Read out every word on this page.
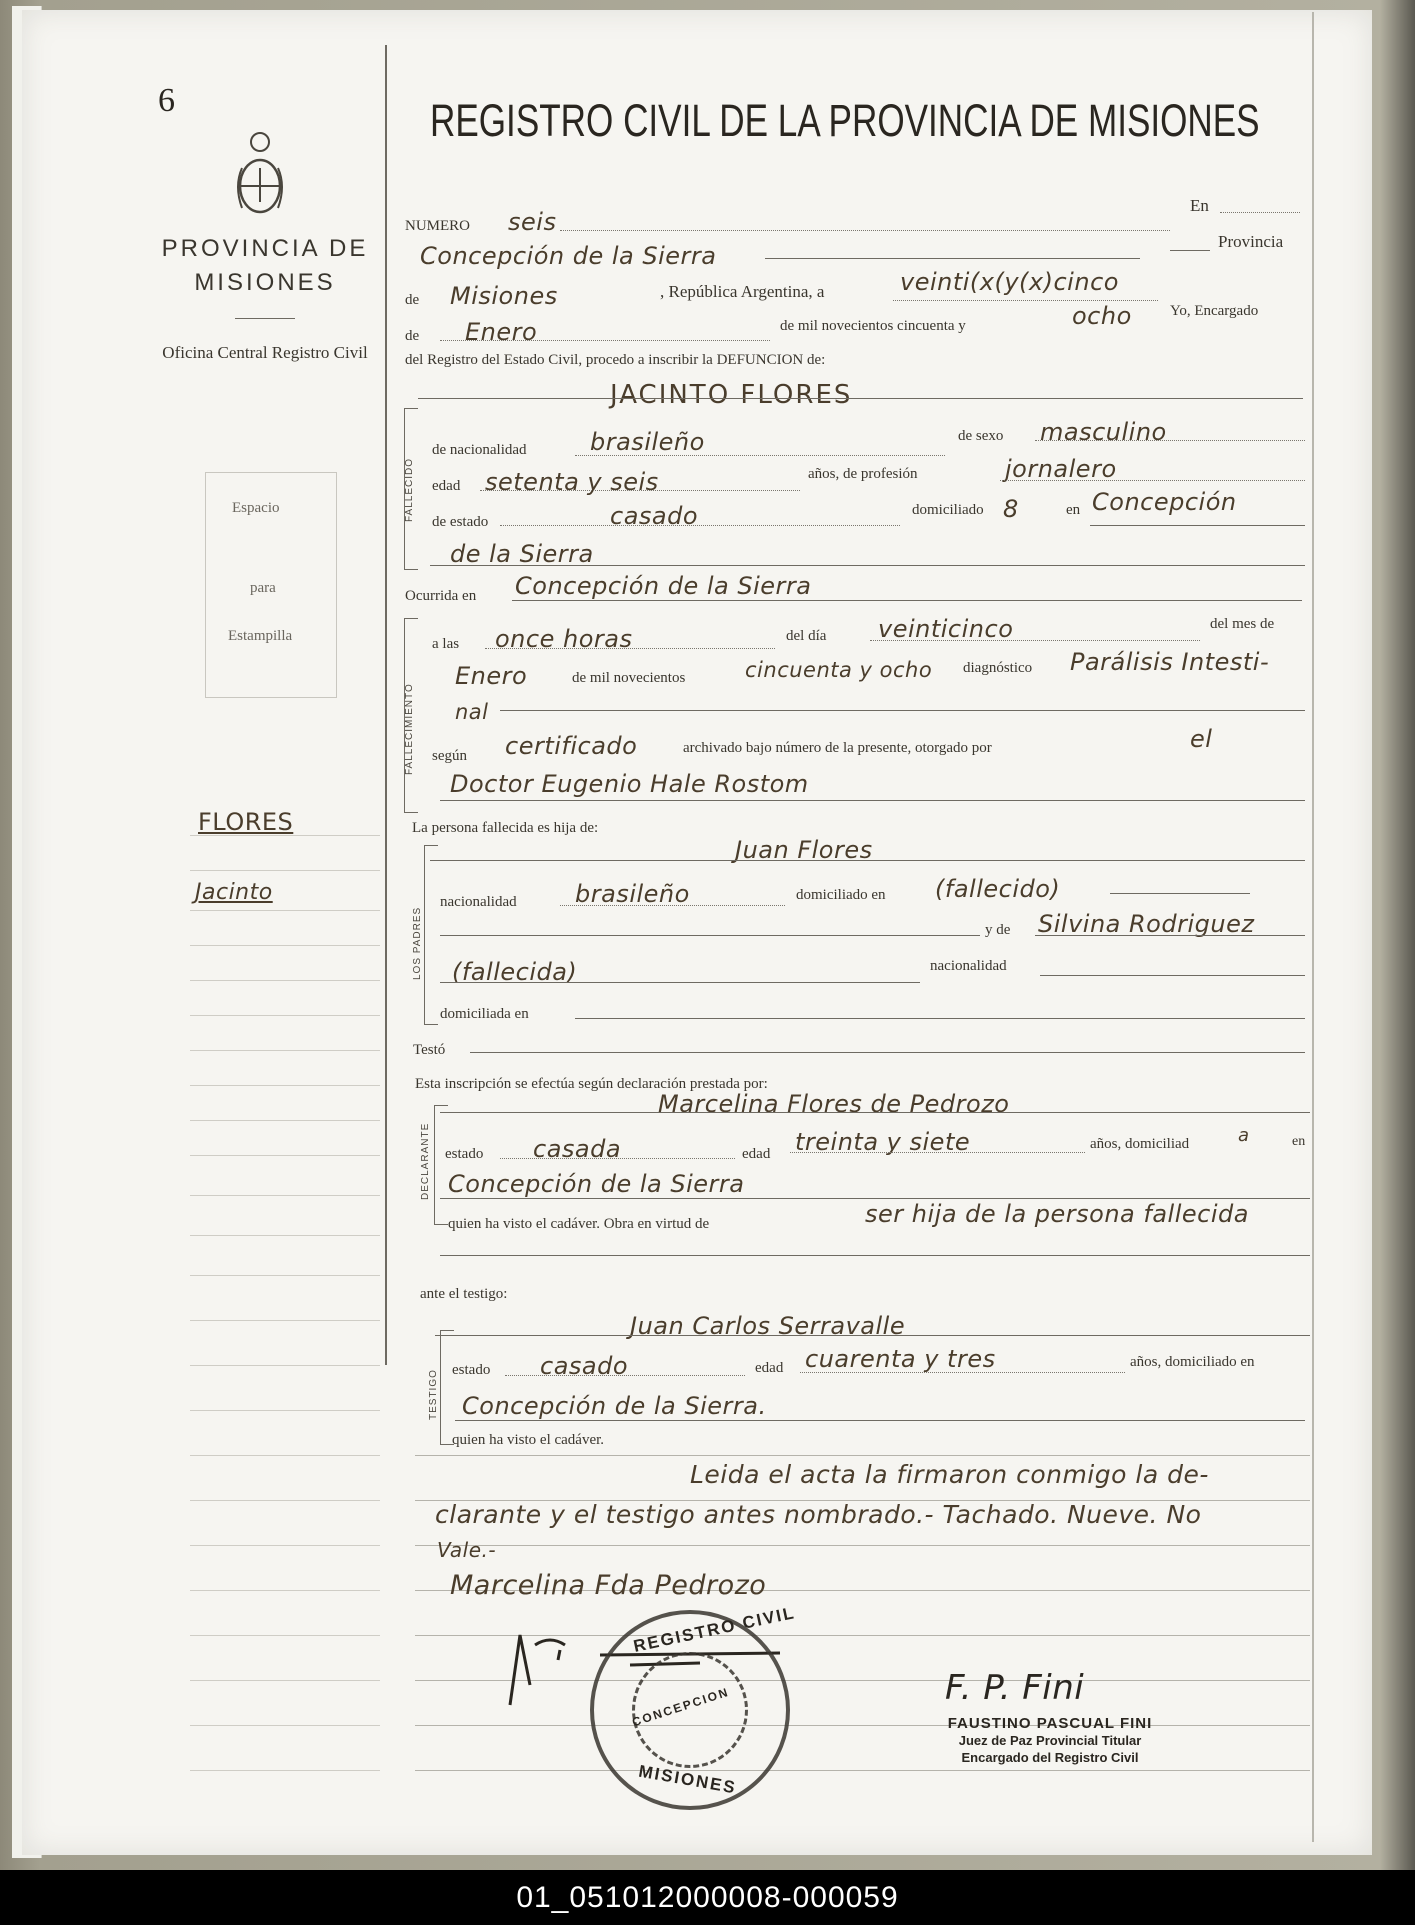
6
PROVINCIA DE MISIONES
Oficina Central Registro Civil
Espacio
para
Estampilla
FLORES
Jacinto
REGISTRO CIVIL DE LA PROVINCIA DE MISIONES
NUMERO seis
En
Concepción de la Sierra
Provincia
de Misiones	, República Argentina, a	veinti(x(y(x)cinco
de Enero	de mil novecientos cincuenta y	ocho	Yo, Encargado
del Registro del Estado Civil, procedo a inscribir la DEFUNCION de:
JACINTO FLORES
FALLECIDO
de nacionalidad	brasileño	de sexo masculino
edad setenta y seis	años, de profesión	jornalero
de estado	casado	domiciliado 8	en Concepción
de la Sierra
Ocurrida en Concepción de la Sierra
FALLECIMIENTO
a las once horas	del día veinticinco	del mes de
Enero	de mil novecientos	cincuenta y ocho diagnóstico Parálisis Intesti-
nal
según certificado	archivado bajo número de la presente, otorgado por	el
Doctor Eugenio Hale Rostom
La persona fallecida es hija de:
LOS PADRES
Juan Flores
nacionalidad brasileño	domiciliado en (fallecido)
y de Silvina Rodriguez
(fallecida)	nacionalidad
domiciliada en
Testó
Esta inscripción se efectúa según declaración prestada por:
DECLARANTE
Marcelina Flores de Pedrozo
estado casada	edad treinta y siete	años, domiciliad	a	en
Concepción de la Sierra
quien ha visto el cadáver. Obra en virtud de	ser hija de la persona fallecida
ante el testigo:
TESTIGO
Juan Carlos Serravalle
estado casado	edad cuarenta y tres	años, domiciliado en
Concepción de la Sierra.
quien ha visto el cadáver.
Leida el acta la firmaron conmigo la de-
clarante y el testigo antes nombrado.- Tachado. Nueve. No
Vale.-
Marcelina Fda Pedrozo
REGISTRO CIVIL
MISIONES
CONCEPCION	F. P. Fini
FAUSTINO PASCUAL FINI
Juez de Paz Provincial Titular
Encargado del Registro Civil
01_051012000008-000059
